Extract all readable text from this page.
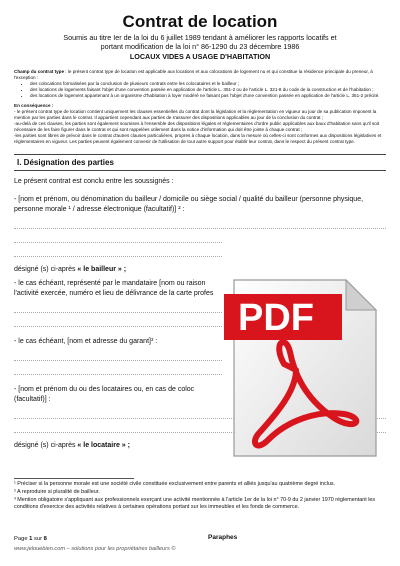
Contrat de location

Soumis au titre Ier de la loi du 6 juillet 1989 tendant à améliorer les rapports locatifs et
portant modification de la loi n° 86-1290 du 23 décembre 1986

LOCAUX VIDES A USAGE D'HABITATION

Champ du contrat type : le présent contrat type de location est applicable aux locations et aux colocations de logement nu et qui constitue la résidence principale du preneur, à l'exception :

• des colocations formalisées par la conclusion de plusieurs contrats entre les colocataires et le bailleur ;
• des locations de logements faisant l'objet d'une convention passée en application de l'article L. 351-2 ou de l'article L. 321-8 du code de la construction et de l'habitation ;
• des locations de logement appartenant à un organisme d'habitation à loyer modéré ne faisant pas l'objet d'une convention passée en application de l'article L. 351-2 précité.

En conséquence :

- le présent contrat type de location contient uniquement les clauses essentielles du contrat dont la législation et la réglementation en vigueur au jour de sa publication imposent la mention par les parties dans le contrat. Il appartient cependant aux parties de s'assurer des dispositions applicables au jour de la conclusion du contrat ;

-au-delà de ces clauses, les parties sont également soumises à l'ensemble des dispositions légales et réglementaires d'ordre public applicables aux baux d'habitation sans qu'il soit nécessaire de les faire figurer dans le contrat et qui sont rappelées utilement dans la notice d'information qui doit être jointe à chaque contrat ;

-les parties sont libres de prévoir dans le contrat d'autres clauses particulières, propres à chaque location, dans la mesure où celles-ci sont conformes aux dispositions législatives et réglementaires en vigueur. Les parties peuvent également convenir de l'utilisation de tout autre support pour établir leur contrat, dans le respect du présent contrat type.

I. Désignation des parties

Le présent contrat est conclu entre les soussignés :

- [nom et prénom, ou dénomination du bailleur / domicile ou siège social / qualité du bailleur (personne physique, personne morale ¹ / adresse électronique (facultatif)] ² :

désigné (s) ci-après « le bailleur » ;

- le cas échéant, représenté par le mandataire [nom ou raison
l'activité exercée, numéro et lieu de délivrance de la carte profes

- le cas échéant, [nom et adresse du garant]³ :

- [nom et prénom du ou des locataires ou, en cas de coloc
(facultatif)] :

désigné (s) ci-après « le locataire » ;

PDF

¹ Préciser si la personne morale est une société civile constituée exclusivement entre parents et alliés jusqu'au quatrième degré inclus.

² A reproduire si pluralité de bailleur.

³ Mention obligatoire s'appliquant aux professionnels exerçant une activité mentionnée à l'article 1er de la loi n° 70-9 du 2 janvier 1970 réglementant les conditions d'exercice des activités relatives à certaines opérations portant sur les immeubles et les fonds de commerce.

Page 1 sur 8	Paraphes
www.jelouebien.com – solutions pour les propriétaires bailleurs ©
